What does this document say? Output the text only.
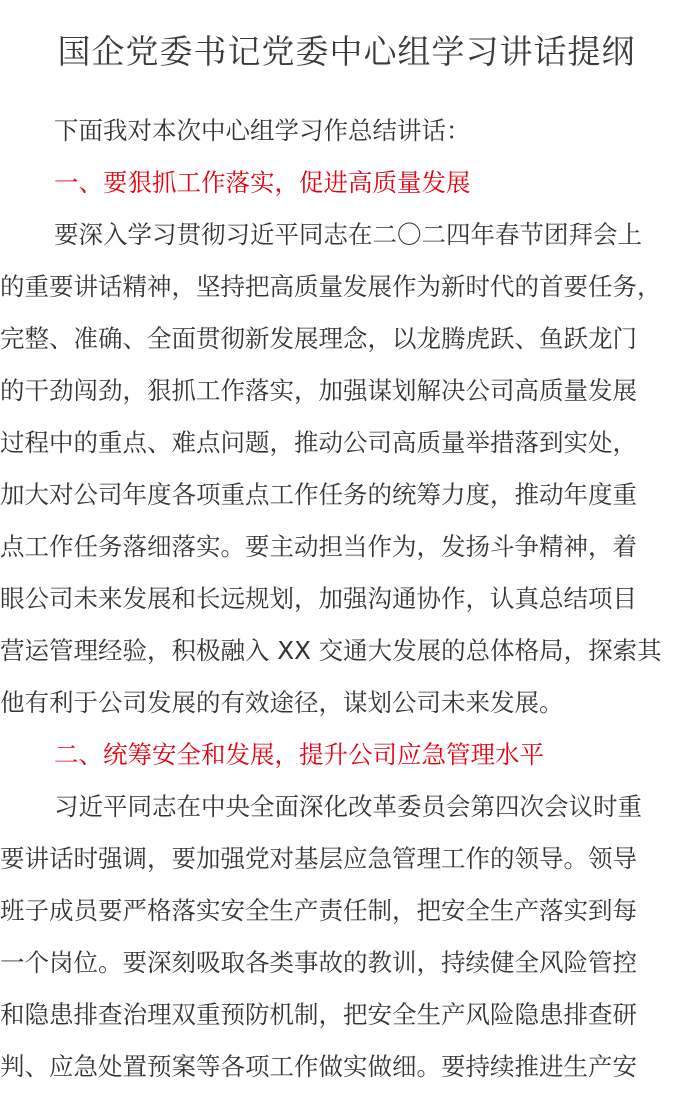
国企党委书记党委中心组学习讲话提纲
下面我对本次中心组学习作总结讲话：
一、要狠抓工作落实，促进高质量发展
要深入学习贯彻习近平同志在二〇二四年春节团拜会上
的重要讲话精神，坚持把高质量发展作为新时代的首要任务，
完整、准确、全面贯彻新发展理念，以龙腾虎跃、鱼跃龙门
的干劲闯劲，狠抓工作落实，加强谋划解决公司高质量发展
过程中的重点、难点问题，推动公司高质量举措落到实处，
加大对公司年度各项重点工作任务的统筹力度，推动年度重
点工作任务落细落实。要主动担当作为，发扬斗争精神，着
眼公司未来发展和长远规划，加强沟通协作，认真总结项目
营运管理经验，积极融入 XX 交通大发展的总体格局，探索其
他有利于公司发展的有效途径，谋划公司未来发展。
二、统筹安全和发展，提升公司应急管理水平
习近平同志在中央全面深化改革委员会第四次会议时重
要讲话时强调，要加强党对基层应急管理工作的领导。领导
班子成员要严格落实安全生产责任制，把安全生产落实到每
一个岗位。要深刻吸取各类事故的教训，持续健全风险管控
和隐患排查治理双重预防机制，把安全生产风险隐患排查研
判、应急处置预案等各项工作做实做细。要持续推进生产安
